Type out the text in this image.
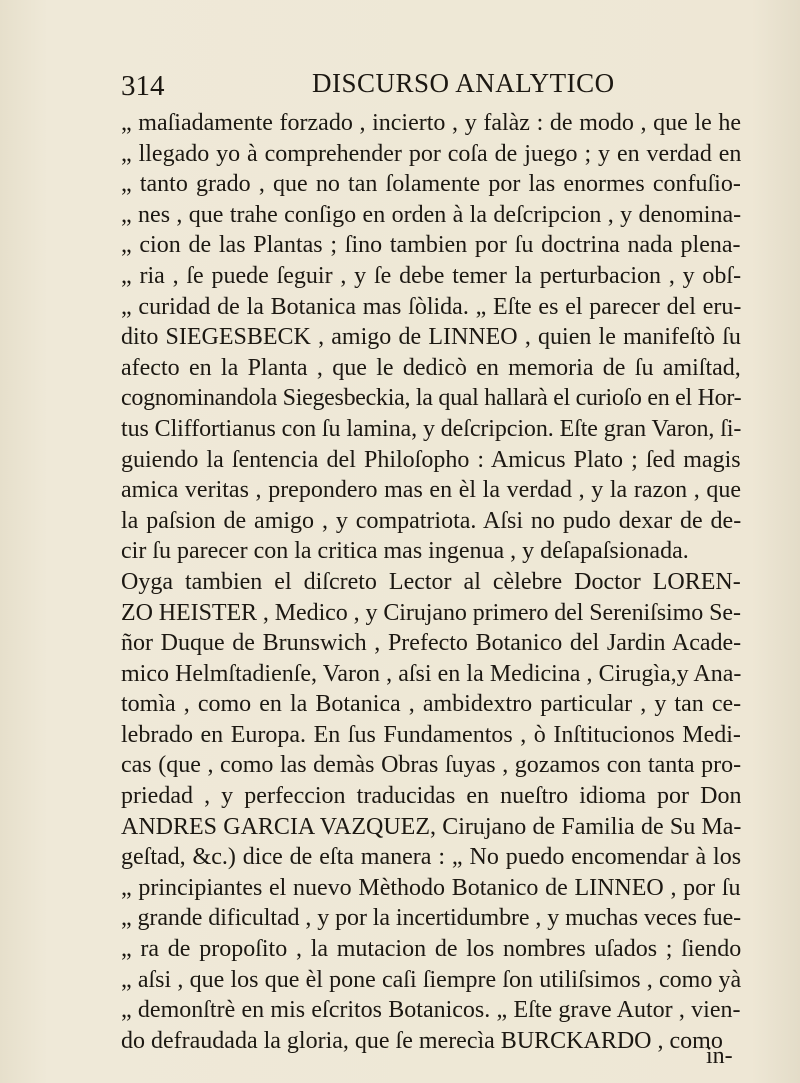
314	DISCURSO ANALYTICO
„ maſiadamente forzado , incierto , y falàz : de modo , que le he
„ llegado yo à comprehender por coſa de juego ; y en verdad en
„ tanto grado , que no tan ſolamente por las enormes confuſio-
„ nes , que trahe conſigo en orden à la deſcripcion , y denomina-
„ cion de las Plantas ; ſino tambien por ſu doctrina nada plena-
„ ria , ſe puede ſeguir , y ſe debe temer la perturbacion , y obſ-
„ curidad de la Botanica mas ſòlida. „ Eſte es el parecer del eru-
dito SIEGESBECK , amigo de LINNEO , quien le manifeſtò ſu
afecto en la Planta , que le dedicò en memoria de ſu amiſtad,
cognominandola Siegesbeckia, la qual hallarà el curioſo en el Hor-
tus Cliffortianus con ſu lamina, y deſcripcion. Eſte gran Varon, ſi-
guiendo la ſentencia del Philoſopho : Amicus Plato ; ſed magis
amica veritas , prepondero mas en èl la verdad , y la razon , que
la paſsion de amigo , y compatriota. Aſsi no pudo dexar de de-
cir ſu parecer con la critica mas ingenua , y deſapaſsionada.
Oyga tambien el diſcreto Lector al cèlebre Doctor LOREN-
ZO HEISTER , Medico , y Cirujano primero del Sereniſsimo Se-
ñor Duque de Brunswich , Prefecto Botanico del Jardin Acade-
mico Helmſtadienſe, Varon , aſsi en la Medicina , Cirugìa,y Ana-
tomìa , como en la Botanica , ambidextro particular , y tan ce-
lebrado en Europa. En ſus Fundamentos , ò Inſtitucionos Medi-
cas (que , como las demàs Obras ſuyas , gozamos con tanta pro-
priedad , y perfeccion traducidas en nueſtro idioma por Don
ANDRES GARCIA VAZQUEZ, Cirujano de Familia de Su Ma-
geſtad, &c.) dice de eſta manera : „ No puedo encomendar à los
„ principiantes el nuevo Mèthodo Botanico de LINNEO , por ſu
„ grande dificultad , y por la incertidumbre , y muchas veces fue-
„ ra de propoſito , la mutacion de los nombres uſados ; ſiendo
„ aſsi , que los que èl pone caſi ſiempre ſon utiliſsimos , como yà
„ demonſtrè en mis eſcritos Botanicos. „ Eſte grave Autor , vien-
do defraudada la gloria, que ſe merecìa BURCKARDO , como
in-
